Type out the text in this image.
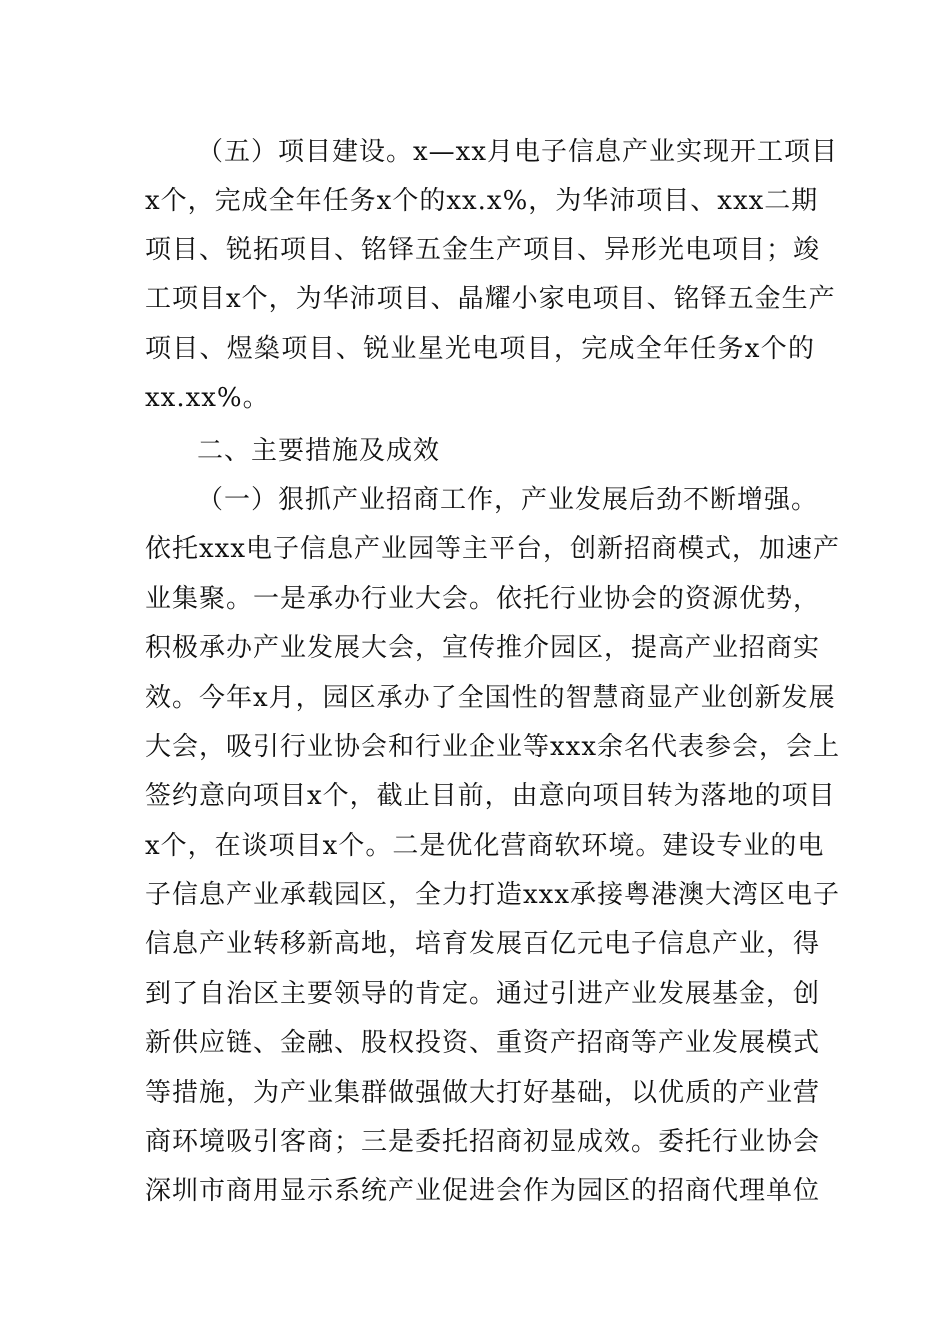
（五）项目建设。x—xx月电子信息产业实现开工项目
x个，完成全年任务x个的xx.x%，为华沛项目、xxx二期
项目、锐拓项目、铭铎五金生产项目、异形光电项目；竣
工项目x个，为华沛项目、晶耀小家电项目、铭铎五金生产
项目、煜燊项目、锐业星光电项目，完成全年任务x个的
xx.xx%。
二、主要措施及成效
（一）狠抓产业招商工作，产业发展后劲不断增强。
依托xxx电子信息产业园等主平台，创新招商模式，加速产
业集聚。一是承办行业大会。依托行业协会的资源优势，
积极承办产业发展大会，宣传推介园区，提高产业招商实
效。今年x月，园区承办了全国性的智慧商显产业创新发展
大会，吸引行业协会和行业企业等xxx余名代表参会，会上
签约意向项目x个，截止目前，由意向项目转为落地的项目
x个，在谈项目x个。二是优化营商软环境。建设专业的电
子信息产业承载园区，全力打造xxx承接粤港澳大湾区电子
信息产业转移新高地，培育发展百亿元电子信息产业，得
到了自治区主要领导的肯定。通过引进产业发展基金，创
新供应链、金融、股权投资、重资产招商等产业发展模式
等措施，为产业集群做强做大打好基础，以优质的产业营
商环境吸引客商；三是委托招商初显成效。委托行业协会
深圳市商用显示系统产业促进会作为园区的招商代理单位
